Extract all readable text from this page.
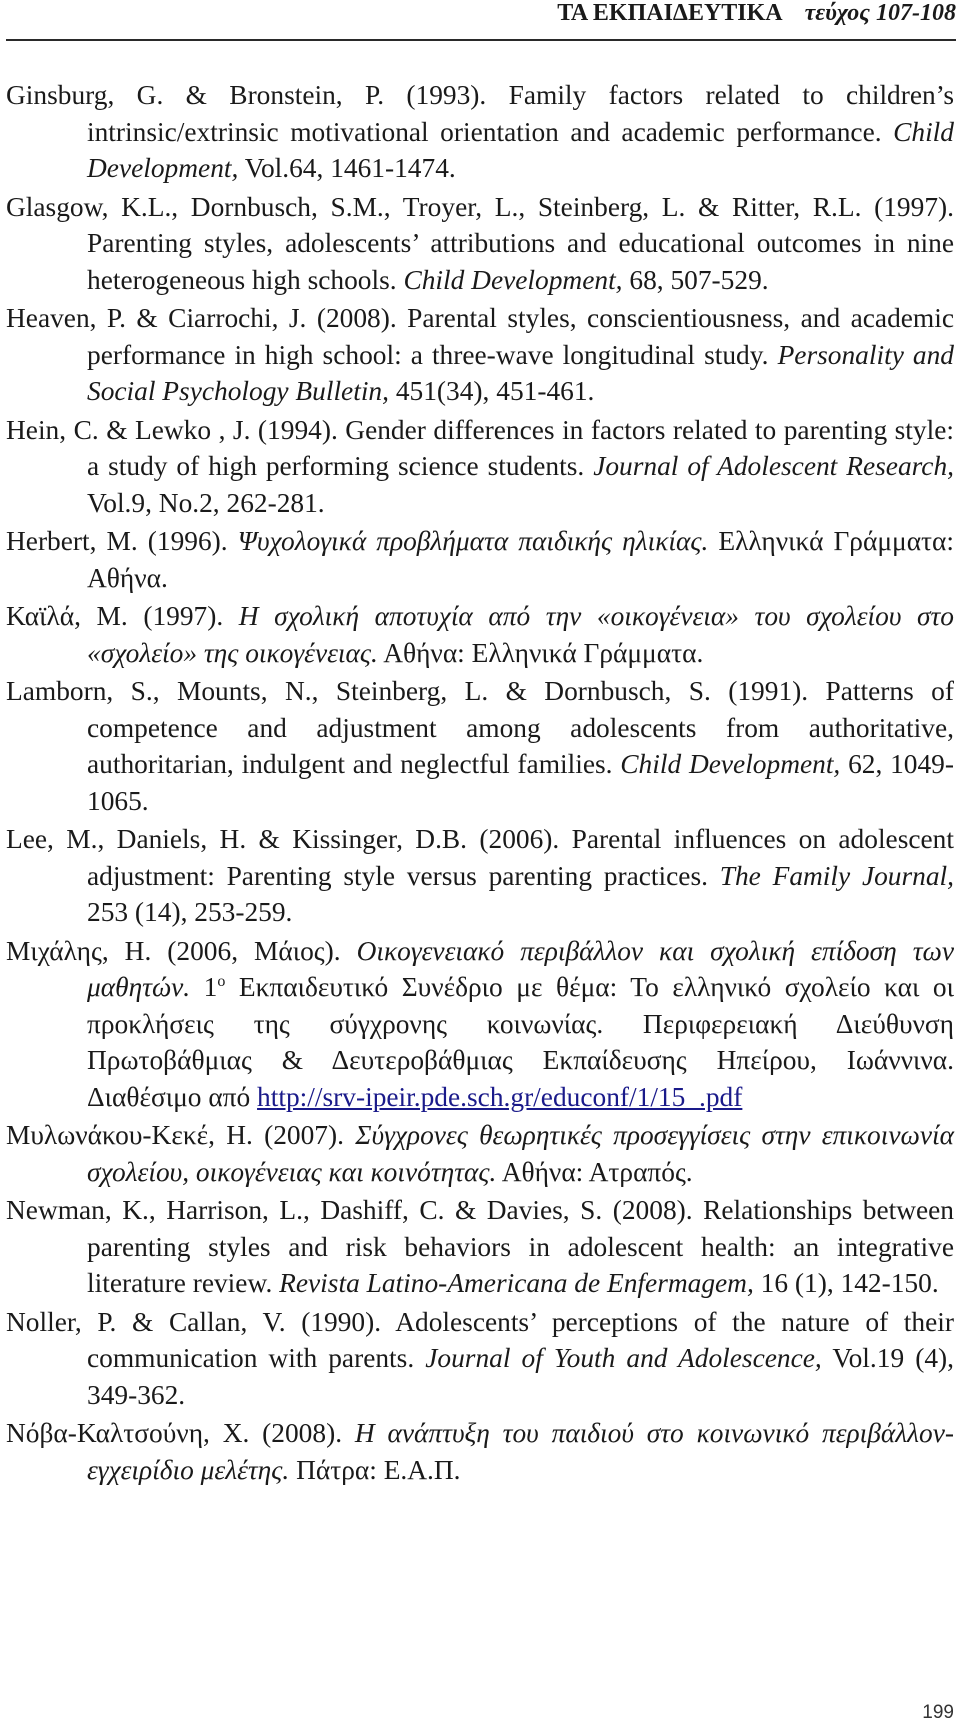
ΤΑ ΕΚΠΑΙΔΕΥΤΙΚΑ τεύχος 107-108

Ginsburg, G. & Bronstein, P. (1993). Family factors related to children’s intrinsic/extrinsic motivational orientation and academic performance. Child Development, Vol.64, 1461-1474.

Glasgow, K.L., Dornbusch, S.M., Troyer, L., Steinberg, L. & Ritter, R.L. (1997). Parenting styles, adolescents’ attributions and educational outcomes in nine heterogeneous high schools. Child Development, 68, 507-529.

Heaven, P. & Ciarrochi, J. (2008). Parental styles, conscientiousness, and academic performance in high school: a three-wave longitudinal study. Personality and Social Psychology Bulletin, 451(34), 451-461.

Hein, C. & Lewko , J. (1994). Gender differences in factors related to parenting style: a study of high performing science students. Journal of Adolescent Research, Vol.9, No.2, 262-281.

Herbert, M. (1996). Ψυχολογικά προβλήματα παιδικής ηλικίας. Ελληνικά Γράμματα: Αθήνα.

Καϊλά, Μ. (1997). Η σχολική αποτυχία από την «οικογένεια» του σχολείου στο «σχολείο» της οικογένειας. Αθήνα: Ελληνικά Γράμματα.

Lamborn, S., Mounts, N., Steinberg, L. & Dornbusch, S. (1991). Patterns of competence and adjustment among adolescents from authoritative, authoritarian, indulgent and neglectful families. Child Development, 62, 1049-1065.

Lee, M., Daniels, H. & Kissinger, D.B. (2006). Parental influences on adolescent adjustment: Parenting style versus parenting practices. The Family Journal, 253 (14), 253-259.

Μιχάλης, Η. (2006, Μάιος). Οικογενειακό περιβάλλον και σχολική επίδοση των μαθητών. $1^o$ Εκπαιδευτικό Συνέδριο με θέμα: Το ελληνικό σχολείο και οι προκλήσεις της σύγχρονης κοινωνίας. Περιφερειακή Διεύθυνση Πρωτοβάθμιας & Δευτεροβάθμιας Εκπαίδευσης Ηπείρου, Ιωάννινα. Διαθέσιμο από http://srv-ipeir.pde.sch.gr/educonf/1/15_.pdf

Μυλωνάκου-Κεκέ, Η. (2007). Σύγχρονες θεωρητικές προσεγγίσεις στην επικοινωνία σχολείου, οικογένειας και κοινότητας. Αθήνα: Ατραπός.

Newman, K., Harrison, L., Dashiff, C. & Davies, S. (2008). Relationships between parenting styles and risk behaviors in adolescent health: an integrative literature review. Revista Latino-Americana de Enfermagem, 16 (1), 142-150.

Noller, P. & Callan, V. (1990). Adolescents’ perceptions of the nature of their communication with parents. Journal of Youth and Adolescence, Vol.19 (4), 349-362.

Νόβα-Καλτσούνη, Χ. (2008). Η ανάπτυξη του παιδιού στο κοινωνικό περιβάλλον-εγχειρίδιο μελέτης. Πάτρα: Ε.Α.Π.

199
